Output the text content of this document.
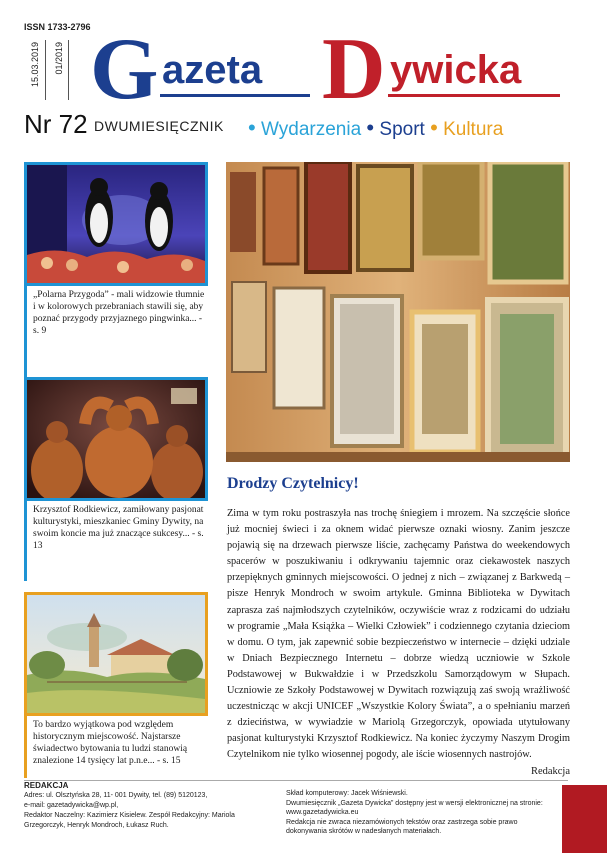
ISSN 1733-2796
15.03.2019 01/2019 G azeta D ywicka
Nr 72 DWUMIESIĘCZNIK • Wydarzenia • Sport • Kultura
„Polarna Przygoda” - mali widzowie tłumnie i w kolorowych przebraniach stawili się, aby poznać przygody przyjaznego pingwinka... - s. 9
Krzysztof Rodkiewicz, zamiłowany pasjonat kulturystyki, mieszkaniec Gminy Dywity, na swoim koncie ma już znaczące sukcesy... - s. 13
To bardzo wyjątkowa pod względem historycznym miejscowość. Najstarsze świadectwo bytowania tu ludzi stanowią znalezione 14 tysięcy lat p.n.e... - s. 15
Drodzy Czytelnicy!
Zima w tym roku postraszyła nas trochę śniegiem i mrozem. Na szczęście słońce już mocniej świeci i za oknem widać pierwsze oznaki wiosny. Zanim jeszcze pojawią się na drzewach pierwsze liście, zachęcamy Państwa do weekendowych spacerów w poszukiwaniu i odkrywaniu tajemnic oraz ciekawostek naszych przepięknych gminnych miejscowości. O jednej z nich – związanej z Barkwedą – pisze Henryk Mondroch w swoim artykule. Gminna Biblioteka w Dywitach zaprasza zaś najmłodszych czytelników, oczywiście wraz z rodzicami do udziału w programie „Mała Książka – Wielki Człowiek” i codziennego czytania dzieciom w domu. O tym, jak zapewnić sobie bezpieczeństwo w internecie – dzięki udziale w Dniach Bezpiecznego Internetu – dobrze wiedzą uczniowie w Szkole Podstawowej w Bukwałdzie i w Przedszkolu Samorządowym w Słupach. Uczniowie ze Szkoły Podstawowej w Dywitach rozwiązują zaś swoją wrażliwość uczestnicząc w akcji UNICEF „Wszystkie Kolory Świata”, a o spełnianiu marzeń z dzieciństwa, w wywiadzie w Mariolą Grzegorczyk, opowiada utytułowany pasjonat kulturystyki Krzysztof Rodkiewicz. Na koniec życzymy Naszym Drogim Czytelnikom nie tylko wiosennej pogody, ale iście wiosennych nastrojów.
Redakcja
REDAKCJA
Adres: ul. Olsztyńska 28, 11- 001 Dywity, tel. (89) 5120123,
e-mail: gazetadywicka@wp.pl,
Redaktor Naczelny: Kazimierz Kisielew. Zespół Redakcyjny: Mariola Grzegorczyk, Henryk Mondroch, Łukasz Ruch.
Skład komputerowy: Jacek Wiśniewski.
Dwumiesięcznik „Gazeta Dywicka” dostępny jest w wersji elektronicznej na stronie: www.gazetadywicka.eu
Redakcja nie zwraca niezamówionych tekstów oraz zastrzega sobie prawo dokonywania skrótów w nadesłanych materiałach.
